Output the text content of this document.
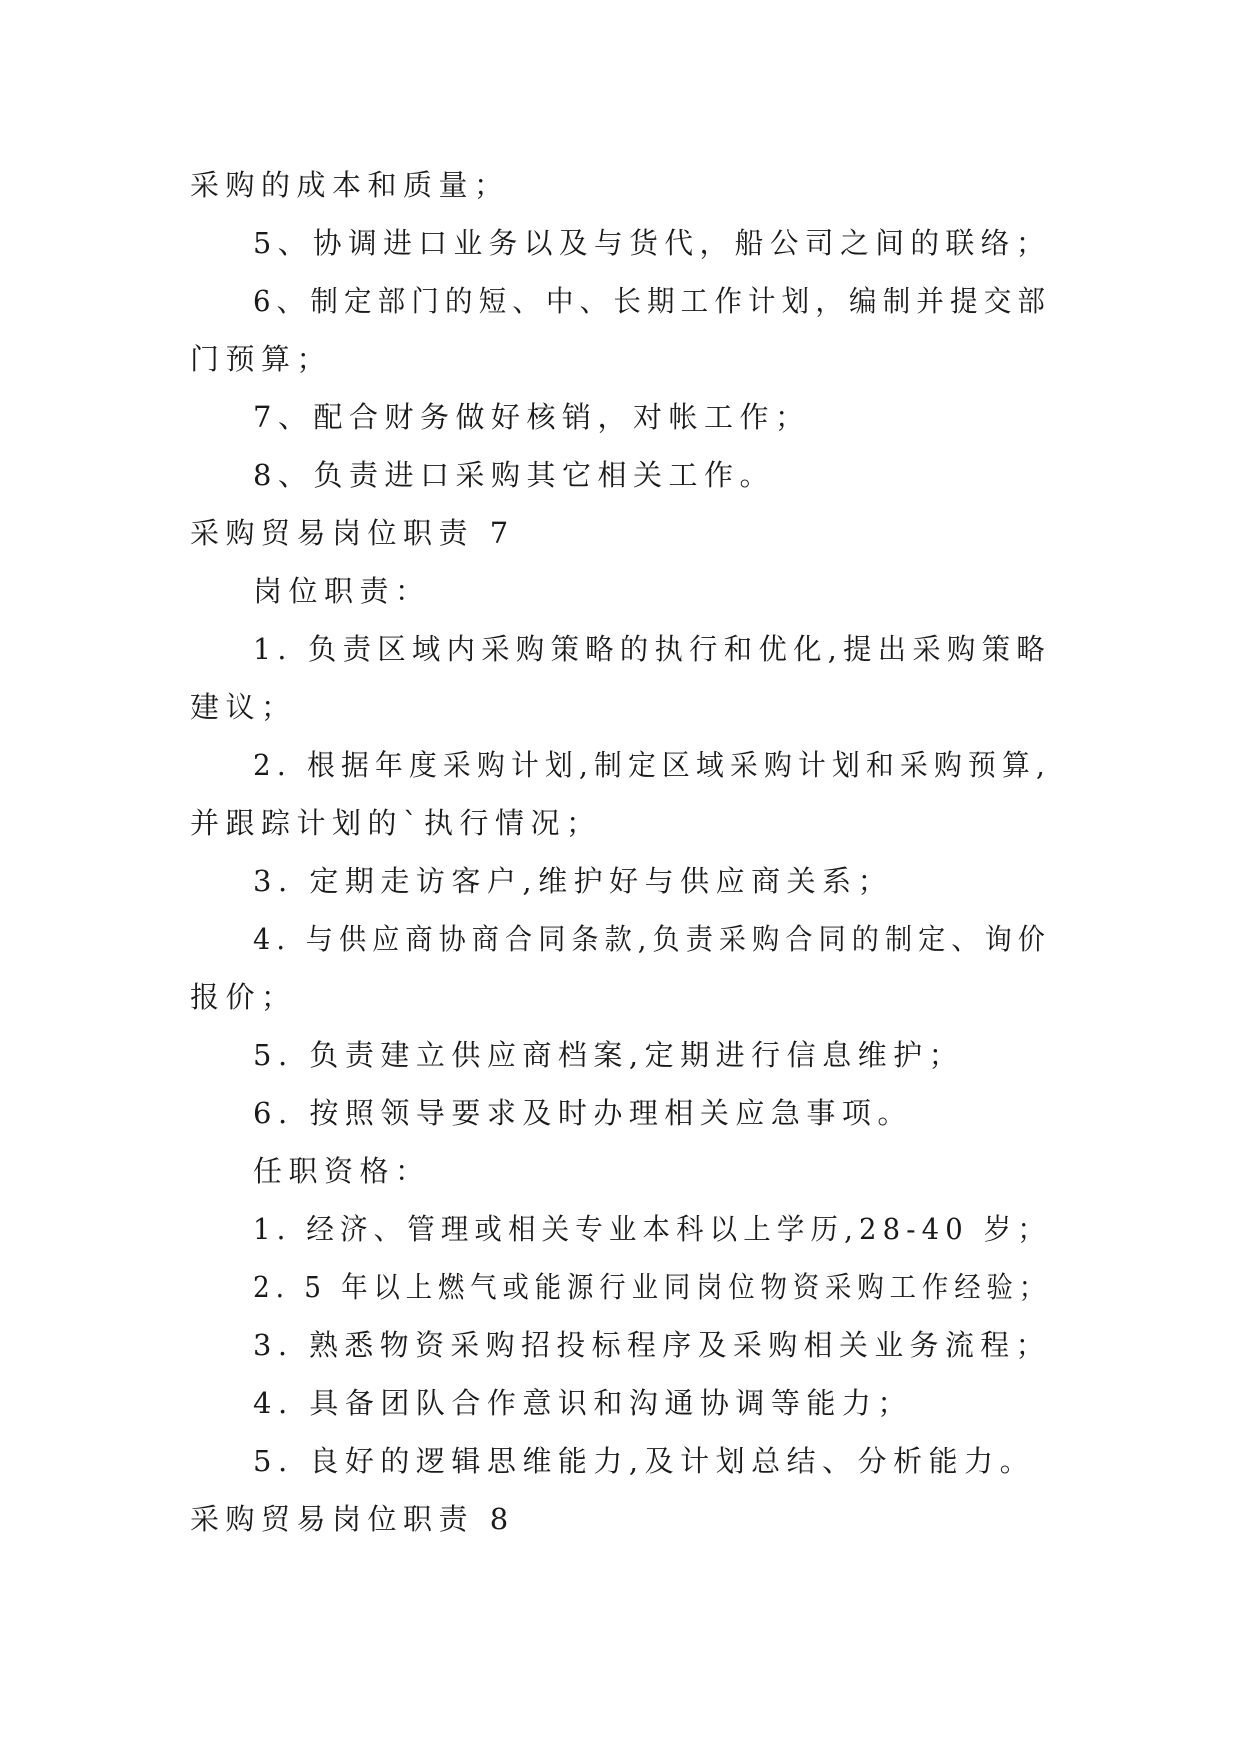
采购的成本和质量；
5、协调进口业务以及与货代，船公司之间的联络；
6、制定部门的短、中、长期工作计划，编制并提交部
门预算；
7、配合财务做好核销，对帐工作；
8、负责进口采购其它相关工作。
采购贸易岗位职责 7
岗位职责：
1. 负责区域内采购策略的执行和优化,提出采购策略
建议；
2. 根据年度采购计划,制定区域采购计划和采购预算,
并跟踪计划的`执行情况；
3. 定期走访客户,维护好与供应商关系；
4. 与供应商协商合同条款,负责采购合同的制定、询价
报价；
5. 负责建立供应商档案,定期进行信息维护；
6. 按照领导要求及时办理相关应急事项。
任职资格：
1. 经济、管理或相关专业本科以上学历,28-40 岁；
2. 5 年以上燃气或能源行业同岗位物资采购工作经验；
3. 熟悉物资采购招投标程序及采购相关业务流程；
4. 具备团队合作意识和沟通协调等能力；
5. 良好的逻辑思维能力,及计划总结、分析能力。
采购贸易岗位职责 8
